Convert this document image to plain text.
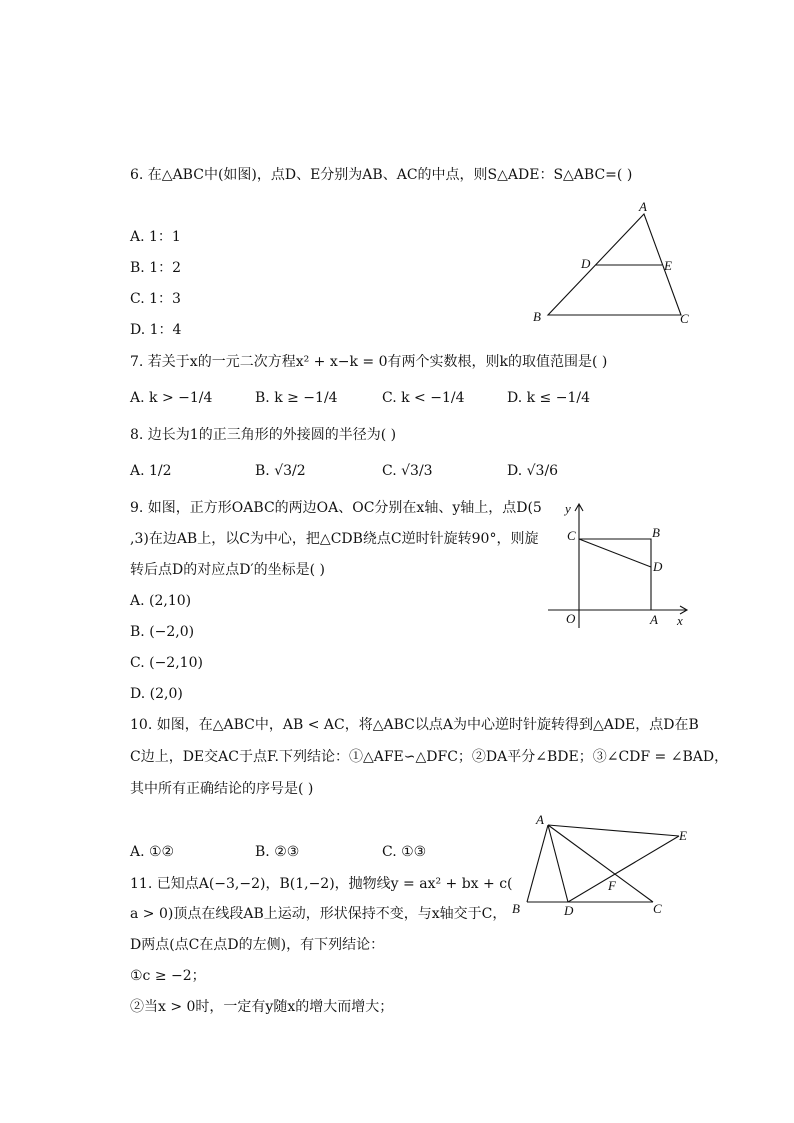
6. 在△ABC中(如图)，点D、E分别为AB、AC的中点，则S△ADE：S△ABC=( )
A. 1：1
B. 1：2
C. 1：3
D. 1：4
A
D	E
B	C
7. 若关于x的一元二次方程x² + x−k = 0有两个实数根，则k的取值范围是( )
A. k > −1/4	B. k ≥ −1/4	C. k < −1/4	D. k ≤ −1/4
8. 边长为1的正三角形的外接圆的半径为( )
A. 1/2	B. √3/2	C. √3/3	D. √3/6
9. 如图，正方形OABC的两边OA、OC分别在x轴、y轴上，点D(5
,3)在边AB上，以C为中心，把△CDB绕点C逆时针旋转90°，则旋
转后点D的对应点D′的坐标是( )
A. (2,10)
B. (−2,0)
C. (−2,10)
D. (2,0)
y
C	B
D
O	A x
10. 如图，在△ABC中，AB < AC，将△ABC以点A为中心逆时针旋转得到△ADE，点D在B
C边上，DE交AC于点F.下列结论：①△AFE∽△DFC；②DA平分∠BDE；③∠CDF = ∠BAD，
其中所有正确结论的序号是( )
A. ①②	B. ②③	C. ①③
A
E
F
B	D	C
11. 已知点A(−3,−2)，B(1,−2)，抛物线y = ax² + bx + c(
a > 0)顶点在线段AB上运动，形状保持不变，与x轴交于C，
D两点(点C在点D的左侧)，有下列结论：
①c ≥ −2；
②当x > 0时，一定有y随x的增大而增大；
